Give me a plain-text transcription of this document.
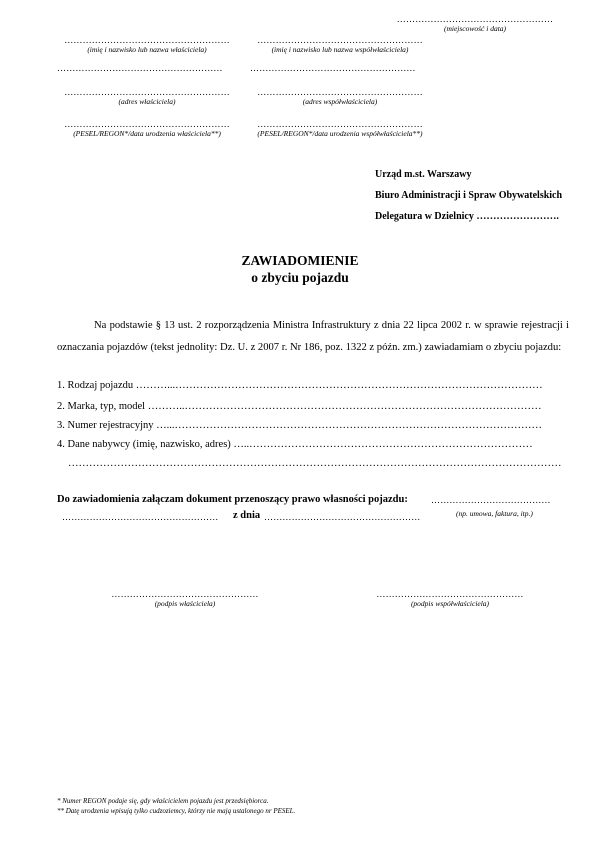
……………………………………………
(miejscowość i data)
………………………………………………
(imię i nazwisko lub nazwa właściciela)
………………………………………………
………………………………………………
(adres właściciela)
………………………………………………
(PESEL/REGON*/data urodzenia właściciela**)
………………………………………………
(imię i nazwisko lub nazwa współwłaściciela)
………………………………………………
………………………………………………
(adres współwłaściciela)
………………………………………………
(PESEL/REGON*/data urodzenia współwłaściciela**)
Urząd m.st. Warszawy
Biuro Administracji i Spraw Obywatelskich
Delegatura w Dzielnicy …………………….
ZAWIADOMIENIE
o zbyciu pojazdu
Na podstawie § 13 ust. 2 rozporządzenia Ministra Infrastruktury z dnia 22 lipca 2002 r. w sprawie rejestracji i oznaczania pojazdów (tekst jednolity: Dz. U. z 2007 r. Nr 186, poz. 1322 z późn. zm.) zawiadamiam o zbyciu pojazdu:
1. Rodzaj pojazdu ………...……………………………………………………………………………………………
2. Marka, typ, model ………..…………………………………………………………………………………………
3. Numer rejestracyjny …...……………………………………………………………………………………………
4. Dane nabywcy (imię, nazwisko, adres) …..………………………………………………………………………
……………………………………………………………………………………………………………………………
Do zawiadomienia załączam dokument przenoszący prawo własności pojazdu:	…………………………………
(np. umowa, faktura, itp.)
…………………………………………… z dnia ……………………………………………
…………………………………………
(podpis właściciela)
…………………………………………
(podpis współwłaściciela)
* Numer REGON podaje się, gdy właścicielem pojazdu jest przedsiębiorca.
** Datę urodzenia wpisują tylko cudzoziemcy, którzy nie mają ustalonego nr PESEL.
